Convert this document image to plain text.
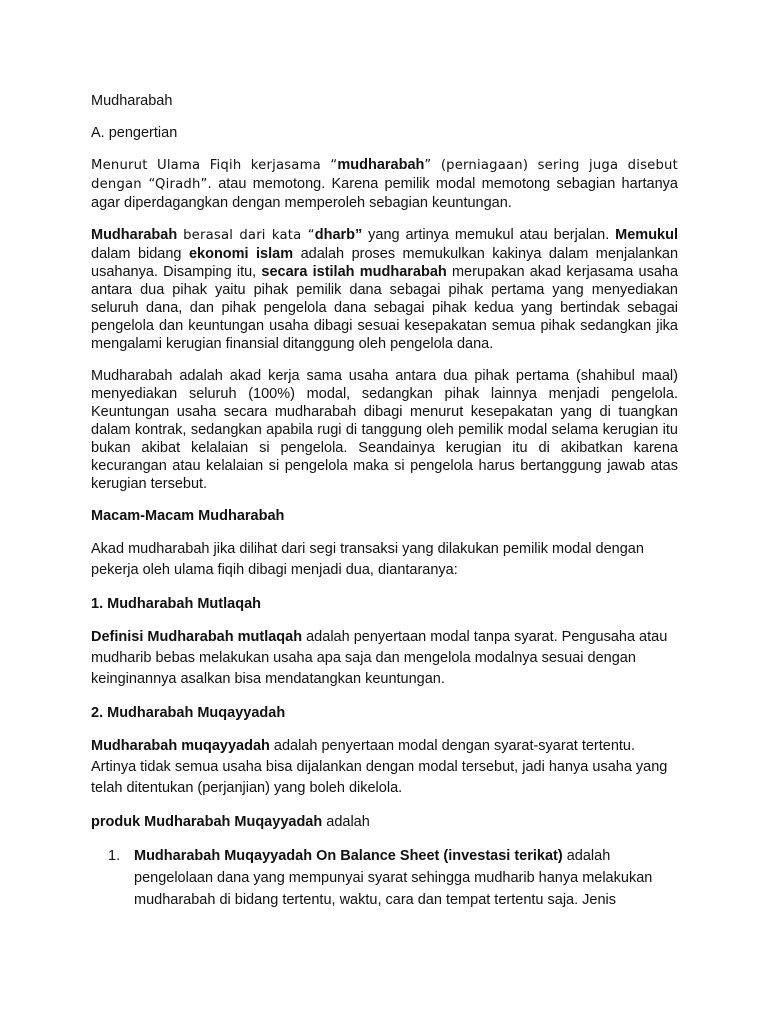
Mudharabah

A. pengertian

Menurut Ulama Fiqih kerjasama “mudharabah” (perniagaan) sering juga disebut dengan “Qiradh”. atau memotong. Karena pemilik modal memotong sebagian hartanya agar diperdagangkan dengan memperoleh sebagian keuntungan.

Mudharabah berasal dari kata “dharb” yang artinya memukul atau berjalan. Memukul dalam bidang ekonomi islam adalah proses memukulkan kakinya dalam menjalankan usahanya. Disamping itu, secara istilah mudharabah merupakan akad kerjasama usaha antara dua pihak yaitu pihak pemilik dana sebagai pihak pertama yang menyediakan seluruh dana, dan pihak pengelola dana sebagai pihak kedua yang bertindak sebagai pengelola dan keuntungan usaha dibagi sesuai kesepakatan semua pihak sedangkan jika mengalami kerugian finansial ditanggung oleh pengelola dana.

Mudharabah adalah akad kerja sama usaha antara dua pihak pertama (shahibul maal) menyediakan seluruh (100%) modal, sedangkan pihak lainnya menjadi pengelola. Keuntungan usaha secara mudharabah dibagi menurut kesepakatan yang di tuangkan dalam kontrak, sedangkan apabila rugi di tanggung oleh pemilik modal selama kerugian itu bukan akibat kelalaian si pengelola. Seandainya kerugian itu di akibatkan karena kecurangan atau kelalaian si pengelola maka si pengelola harus bertanggung jawab atas kerugian tersebut.

Macam-Macam Mudharabah

Akad mudharabah jika dilihat dari segi transaksi yang dilakukan pemilik modal dengan pekerja oleh ulama fiqih dibagi menjadi dua, diantaranya:

1. Mudharabah Mutlaqah

Definisi Mudharabah mutlaqah adalah penyertaan modal tanpa syarat. Pengusaha atau mudharib bebas melakukan usaha apa saja dan mengelola modalnya sesuai dengan keinginannya asalkan bisa mendatangkan keuntungan.

2. Mudharabah Muqayyadah

Mudharabah muqayyadah adalah penyertaan modal dengan syarat-syarat tertentu. Artinya tidak semua usaha bisa dijalankan dengan modal tersebut, jadi hanya usaha yang telah ditentukan (perjanjian) yang boleh dikelola.

produk Mudharabah Muqayyadah adalah

1. Mudharabah Muqayyadah On Balance Sheet (investasi terikat) adalah pengelolaan dana yang mempunyai syarat sehingga mudharib hanya melakukan mudharabah di bidang tertentu, waktu, cara dan tempat tertentu saja. Jenis
